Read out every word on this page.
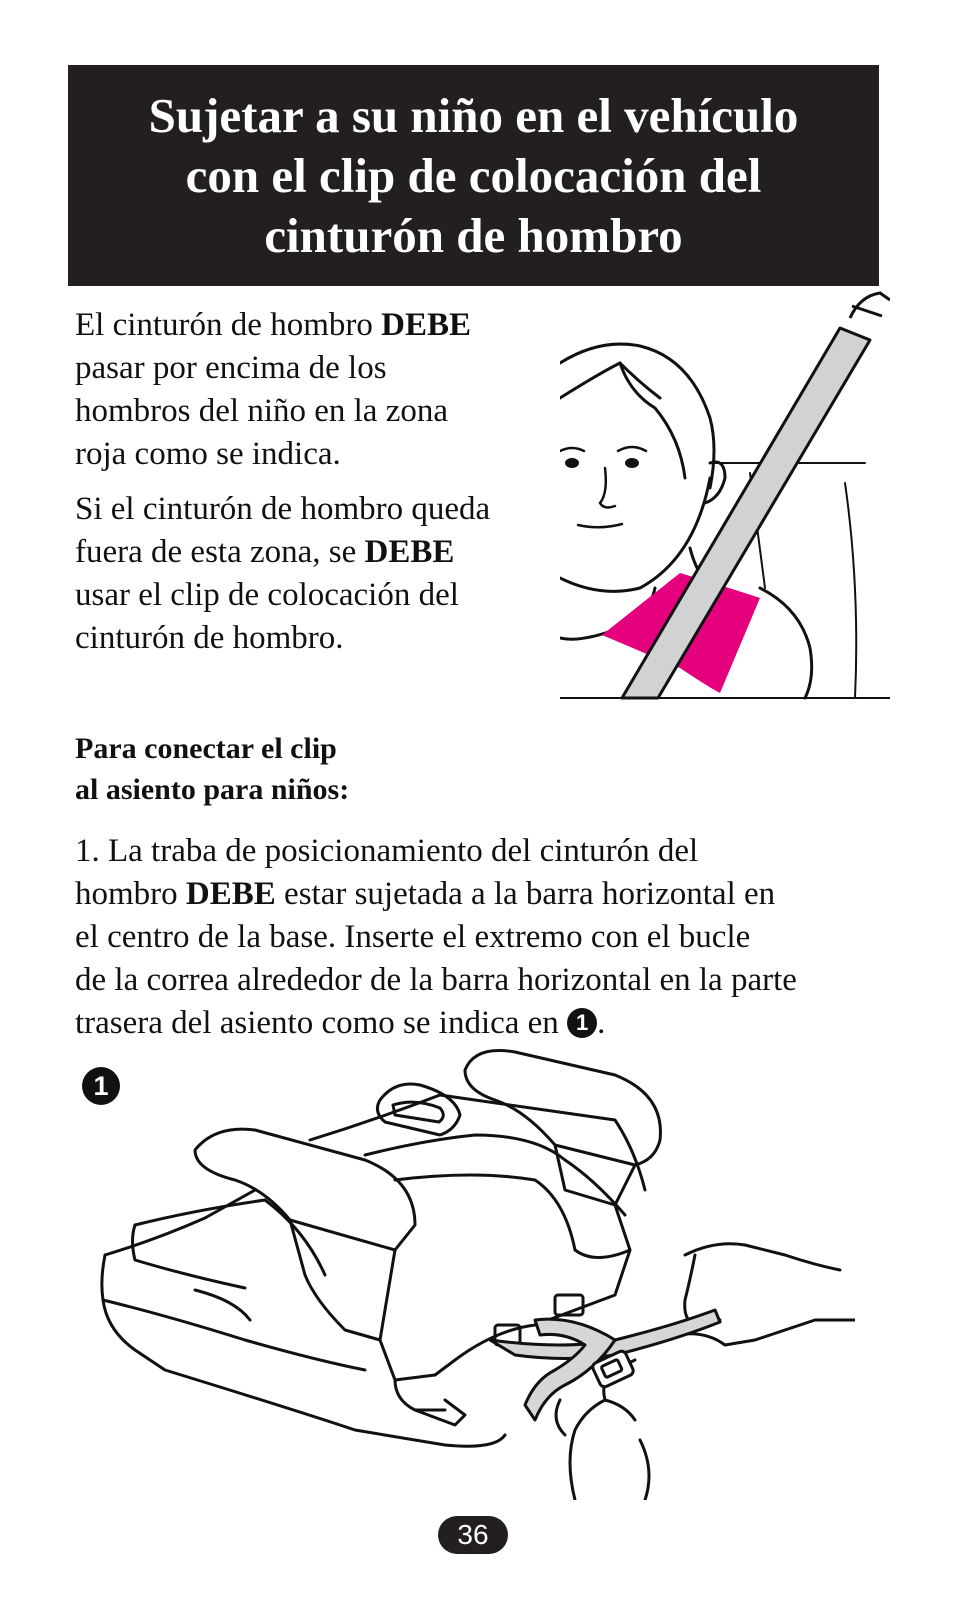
Sujetar a su niño en el vehículo
con el clip de colocación del
cinturón de hombro

El cinturón de hombro DEBE
pasar por encima de los
hombros del niño en la zona
roja como se indica.

Si el cinturón de hombro queda
fuera de esta zona, se DEBE
usar el clip de colocación del
cinturón de hombro.

Para conectar el clip
al asiento para niños:
1. La traba de posicionamiento del cinturón del
hombro DEBE estar sujetada a la barra horizontal en
el centro de la base. Inserte el extremo con el bucle
de la correa alrededor de la barra horizontal en la parte
trasera del asiento como se indica en 1 .
1
36
